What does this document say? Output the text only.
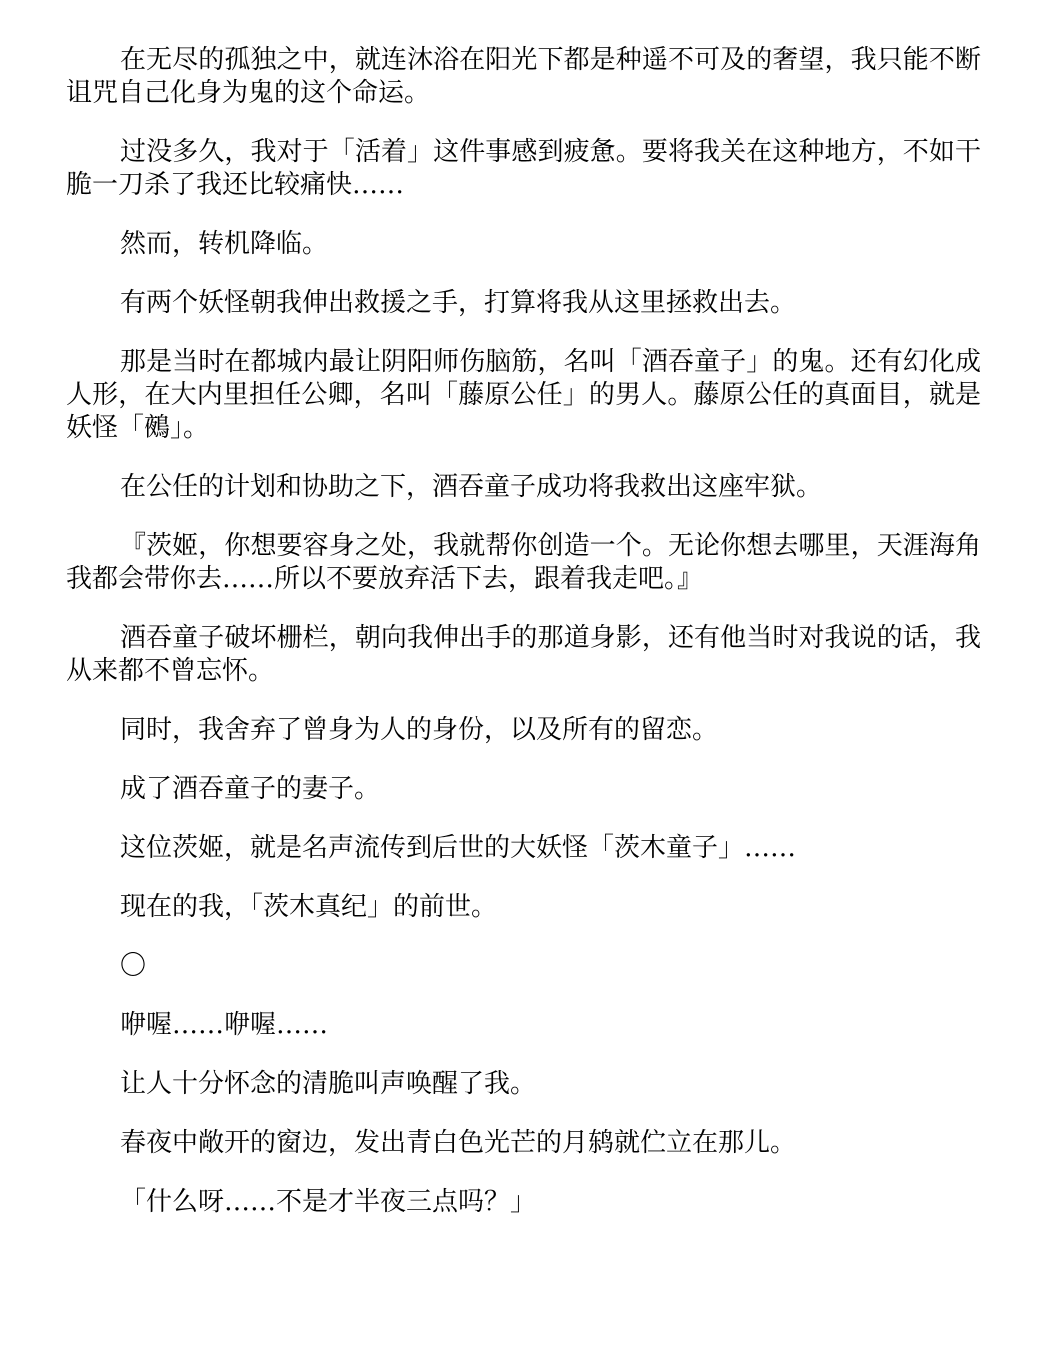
在无尽的孤独之中，就连沐浴在阳光下都是种遥不可及的奢望，我只能不断诅咒自己化身为鬼的这个命运。

过没多久，我对于「活着」这件事感到疲惫。要将我关在这种地方，不如干脆一刀杀了我还比较痛快……

然而，转机降临。

有两个妖怪朝我伸出救援之手，打算将我从这里拯救出去。

那是当时在都城内最让阴阳师伤脑筋，名叫「酒吞童子」的鬼。还有幻化成人形，在大内里担任公卿，名叫「藤原公任」的男人。藤原公任的真面目，就是妖怪「鵺」。

在公任的计划和协助之下，酒吞童子成功将我救出这座牢狱。

『茨姬，你想要容身之处，我就帮你创造一个。无论你想去哪里，天涯海角我都会带你去……所以不要放弃活下去，跟着我走吧。』

酒吞童子破坏栅栏，朝向我伸出手的那道身影，还有他当时对我说的话，我从来都不曾忘怀。

同时，我舍弃了曾身为人的身份，以及所有的留恋。

成了酒吞童子的妻子。

这位茨姬，就是名声流传到后世的大妖怪「茨木童子」……

现在的我，「茨木真纪」的前世。

〇

咿喔……咿喔……

让人十分怀念的清脆叫声唤醒了我。

春夜中敞开的窗边，发出青白色光芒的月鸫就伫立在那儿。

「什么呀……不是才半夜三点吗？」
